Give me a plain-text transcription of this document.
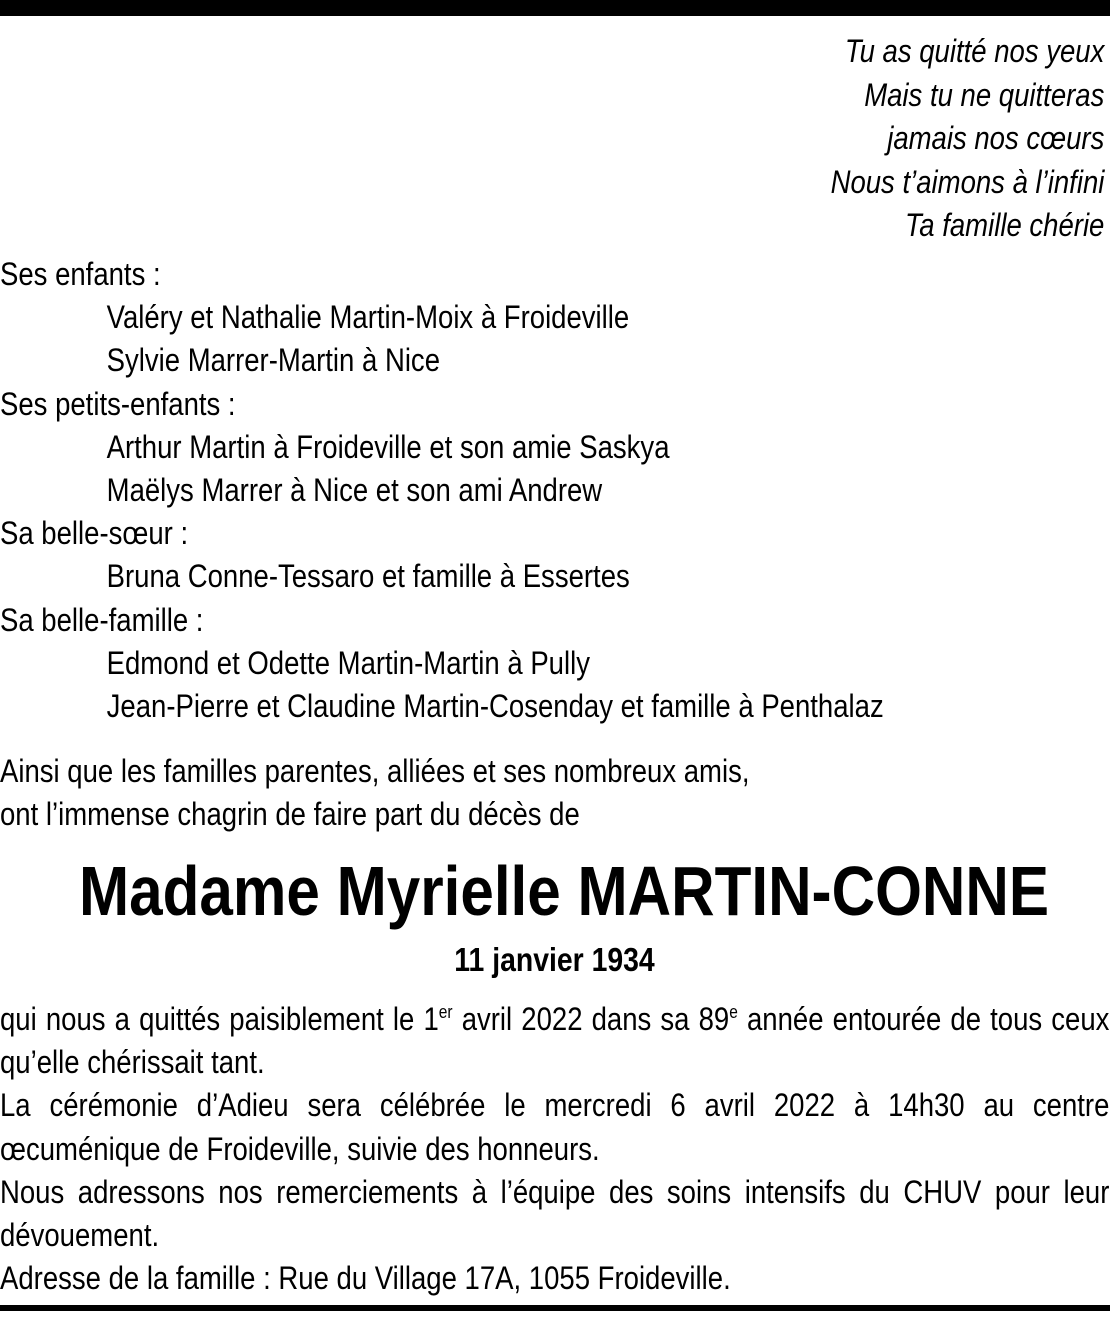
Tu as quitté nos yeux
Mais tu ne quitteras
jamais nos cœurs
Nous t’aimons à l’infini
Ta famille chérie
Ses enfants :
Valéry et Nathalie Martin-Moix à Froideville
Sylvie Marrer-Martin à Nice
Ses petits-enfants :
Arthur Martin à Froideville et son amie Saskya
Maëlys Marrer à Nice et son ami Andrew
Sa belle-sœur :
Bruna Conne-Tessaro et famille à Essertes
Sa belle-famille :
Edmond et Odette Martin-Martin à Pully
Jean-Pierre et Claudine Martin-Cosenday et famille à Penthalaz
Ainsi que les familles parentes, alliées et ses nombreux amis,
ont l’immense chagrin de faire part du décès de
Madame Myrielle MARTIN-CONNE
11 janvier 1934

qui nous a quittés paisiblement le 1er avril 2022 dans sa 89e année entourée de tous ceux qu’elle chérissait tant.

La cérémonie d’Adieu sera célébrée le mercredi 6 avril 2022 à 14h30 au centre œcuménique de Froideville, suivie des honneurs.

Nous adressons nos remerciements à l’équipe des soins intensifs du CHUV pour leur dévouement.

Adresse de la famille : Rue du Village 17A, 1055 Froideville.
